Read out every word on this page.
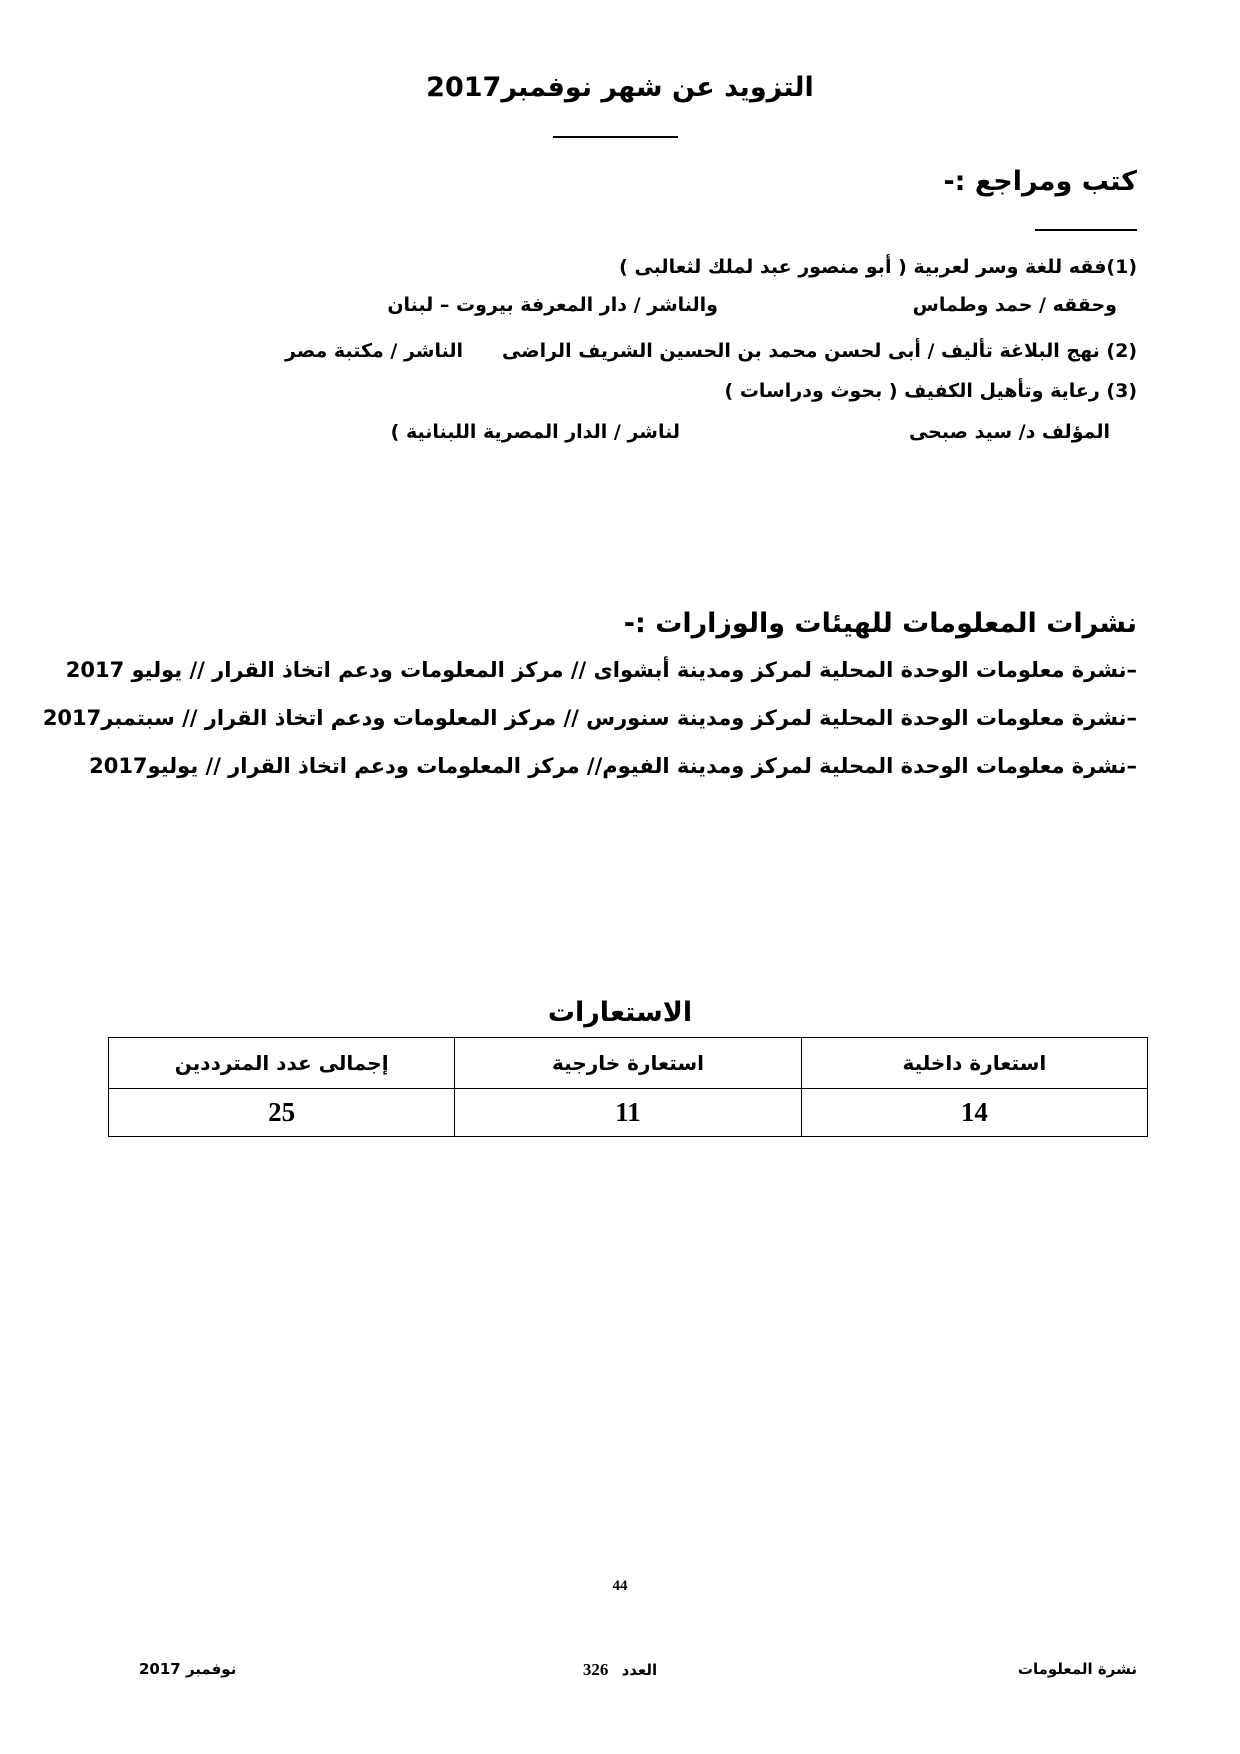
التزويد عن شهر نوفمبر2017
كتب ومراجع :-
(1)فقه للغة وسر لعربية ( أبو منصور عبد لملك لثعالبى )
وحققه / حمد وطماس
والناشر / دار المعرفة بيروت – لبنان
(2) نهج البلاغة تأليف / أبى لحسن محمد بن الحسين الشريف الراضى
الناشر / مكتبة مصر
(3) رعاية وتأهيل الكفيف ( بحوث ودراسات )
المؤلف د/ سيد صبحى
لناشر / الدار المصرية اللبنانية )
نشرات المعلومات للهيئات والوزارات :-
–نشرة معلومات الوحدة المحلية لمركز ومدينة أبشواى // مركز المعلومات ودعم اتخاذ القرار // يوليو 2017
–نشرة معلومات الوحدة المحلية لمركز ومدينة سنورس // مركز المعلومات ودعم اتخاذ القرار // سبتمبر2017
–نشرة معلومات الوحدة المحلية لمركز ومدينة الفيوم// مركز المعلومات ودعم اتخاذ القرار // يوليو2017
الاستعارات
استعارة داخلية	استعارة خارجية	إجمالى عدد المترددين
14	11	25
44
نشرة المعلومات
العدد 326
نوفمبر 2017
